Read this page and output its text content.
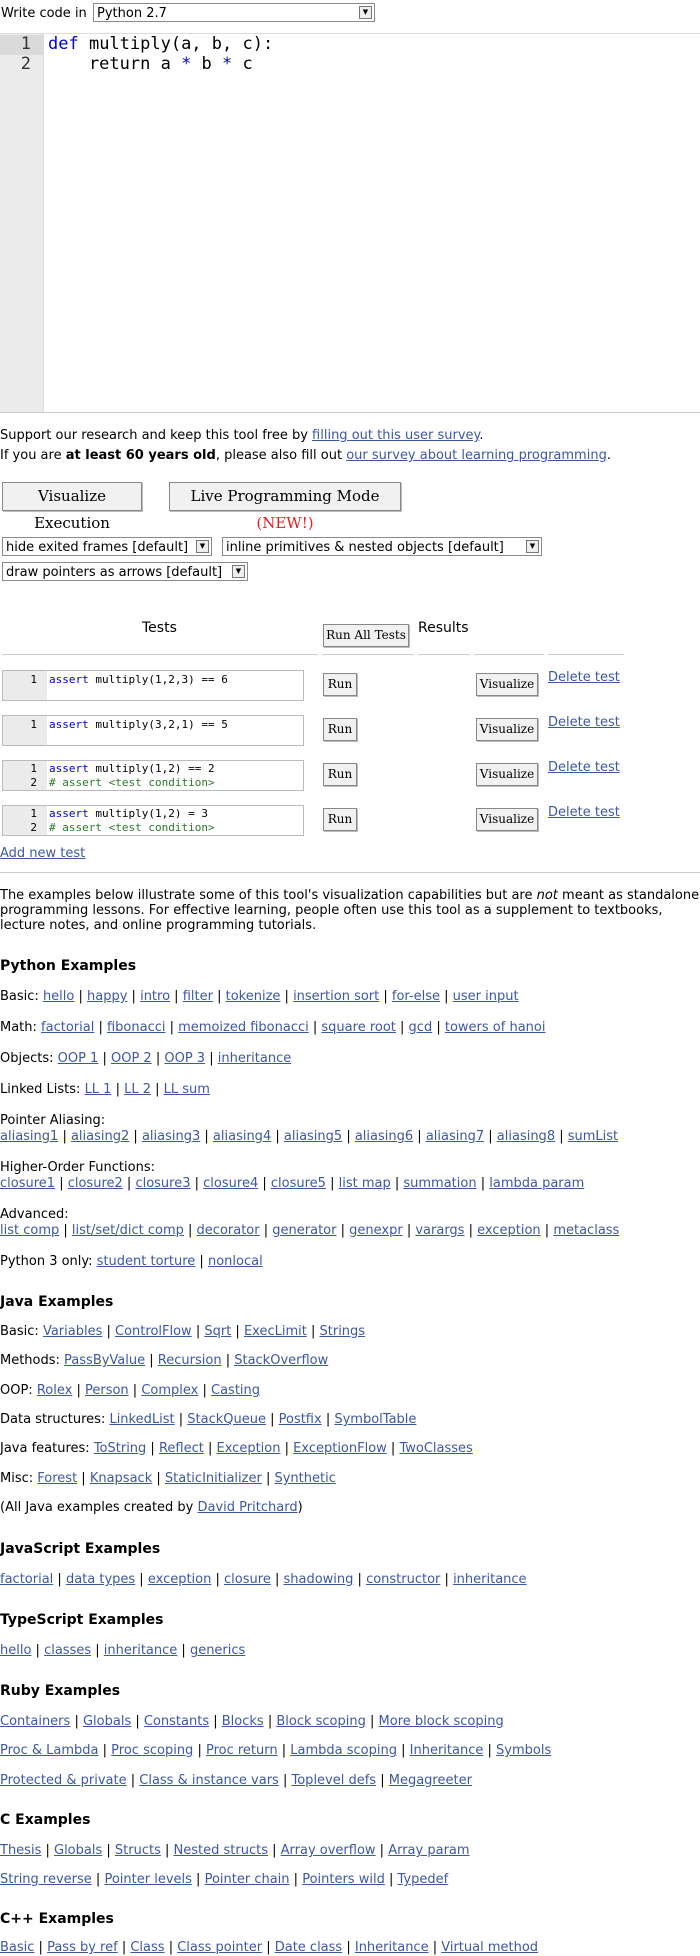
Write code in Python 2.7	▼
1
2
def multiply(a, b, c):
return a * b * c
Support our research and keep this tool free by filling out this user survey.
If you are at least 60 years old, please also fill out our survey about learning programming.
Visualize Execution
Live Programming Mode (NEW!)
hide exited frames [default]	▼	inline primitives & nested objects [default]	▼
draw pointers as arrows [default]	▼
Tests	Run All Tests Results
1 assert multiply(1,2,3) == 6	Run	Visualize Delete test
1 assert multiply(3,2,1) == 5	Run	Visualize Delete test
1 assert multiply(1,2) == 2
2 # assert <test condition>
Run	Visualize Delete test
1 assert multiply(1,2) = 3
2 # assert <test condition>
Run	Visualize Delete test
Add new test
The examples below illustrate some of this tool's visualization capabilities but are not meant as standalone
programming lessons. For effective learning, people often use this tool as a supplement to textbooks,
lecture notes, and online programming tutorials.
Python Examples
Basic: hello | happy | intro | filter | tokenize | insertion sort | for-else | user input
Math: factorial | fibonacci | memoized fibonacci | square root | gcd | towers of hanoi
Objects: OOP 1 | OOP 2 | OOP 3 | inheritance
Linked Lists: LL 1 | LL 2 | LL sum
Pointer Aliasing:
aliasing1 | aliasing2 | aliasing3 | aliasing4 | aliasing5 | aliasing6 | aliasing7 | aliasing8 | sumList
Higher-Order Functions:
closure1 | closure2 | closure3 | closure4 | closure5 | list map | summation | lambda param
Advanced:
list comp | list/set/dict comp | decorator | generator | genexpr | varargs | exception | metaclass
Python 3 only: student torture | nonlocal
Java Examples
Basic: Variables | ControlFlow | Sqrt | ExecLimit | Strings
Methods: PassByValue | Recursion | StackOverflow
OOP: Rolex | Person | Complex | Casting
Data structures: LinkedList | StackQueue | Postfix | SymbolTable
Java features: ToString | Reflect | Exception | ExceptionFlow | TwoClasses
Misc: Forest | Knapsack | StaticInitializer | Synthetic
(All Java examples created by David Pritchard)
JavaScript Examples
factorial | data types | exception | closure | shadowing | constructor | inheritance
TypeScript Examples
hello | classes | inheritance | generics
Ruby Examples
Containers | Globals | Constants | Blocks | Block scoping | More block scoping
Proc & Lambda | Proc scoping | Proc return | Lambda scoping | Inheritance | Symbols
Protected & private | Class & instance vars | Toplevel defs | Megagreeter
C Examples
Thesis | Globals | Structs | Nested structs | Array overflow | Array param
String reverse | Pointer levels | Pointer chain | Pointers wild | Typedef
C++ Examples
Basic | Pass by ref | Class | Class pointer | Date class | Inheritance | Virtual method
